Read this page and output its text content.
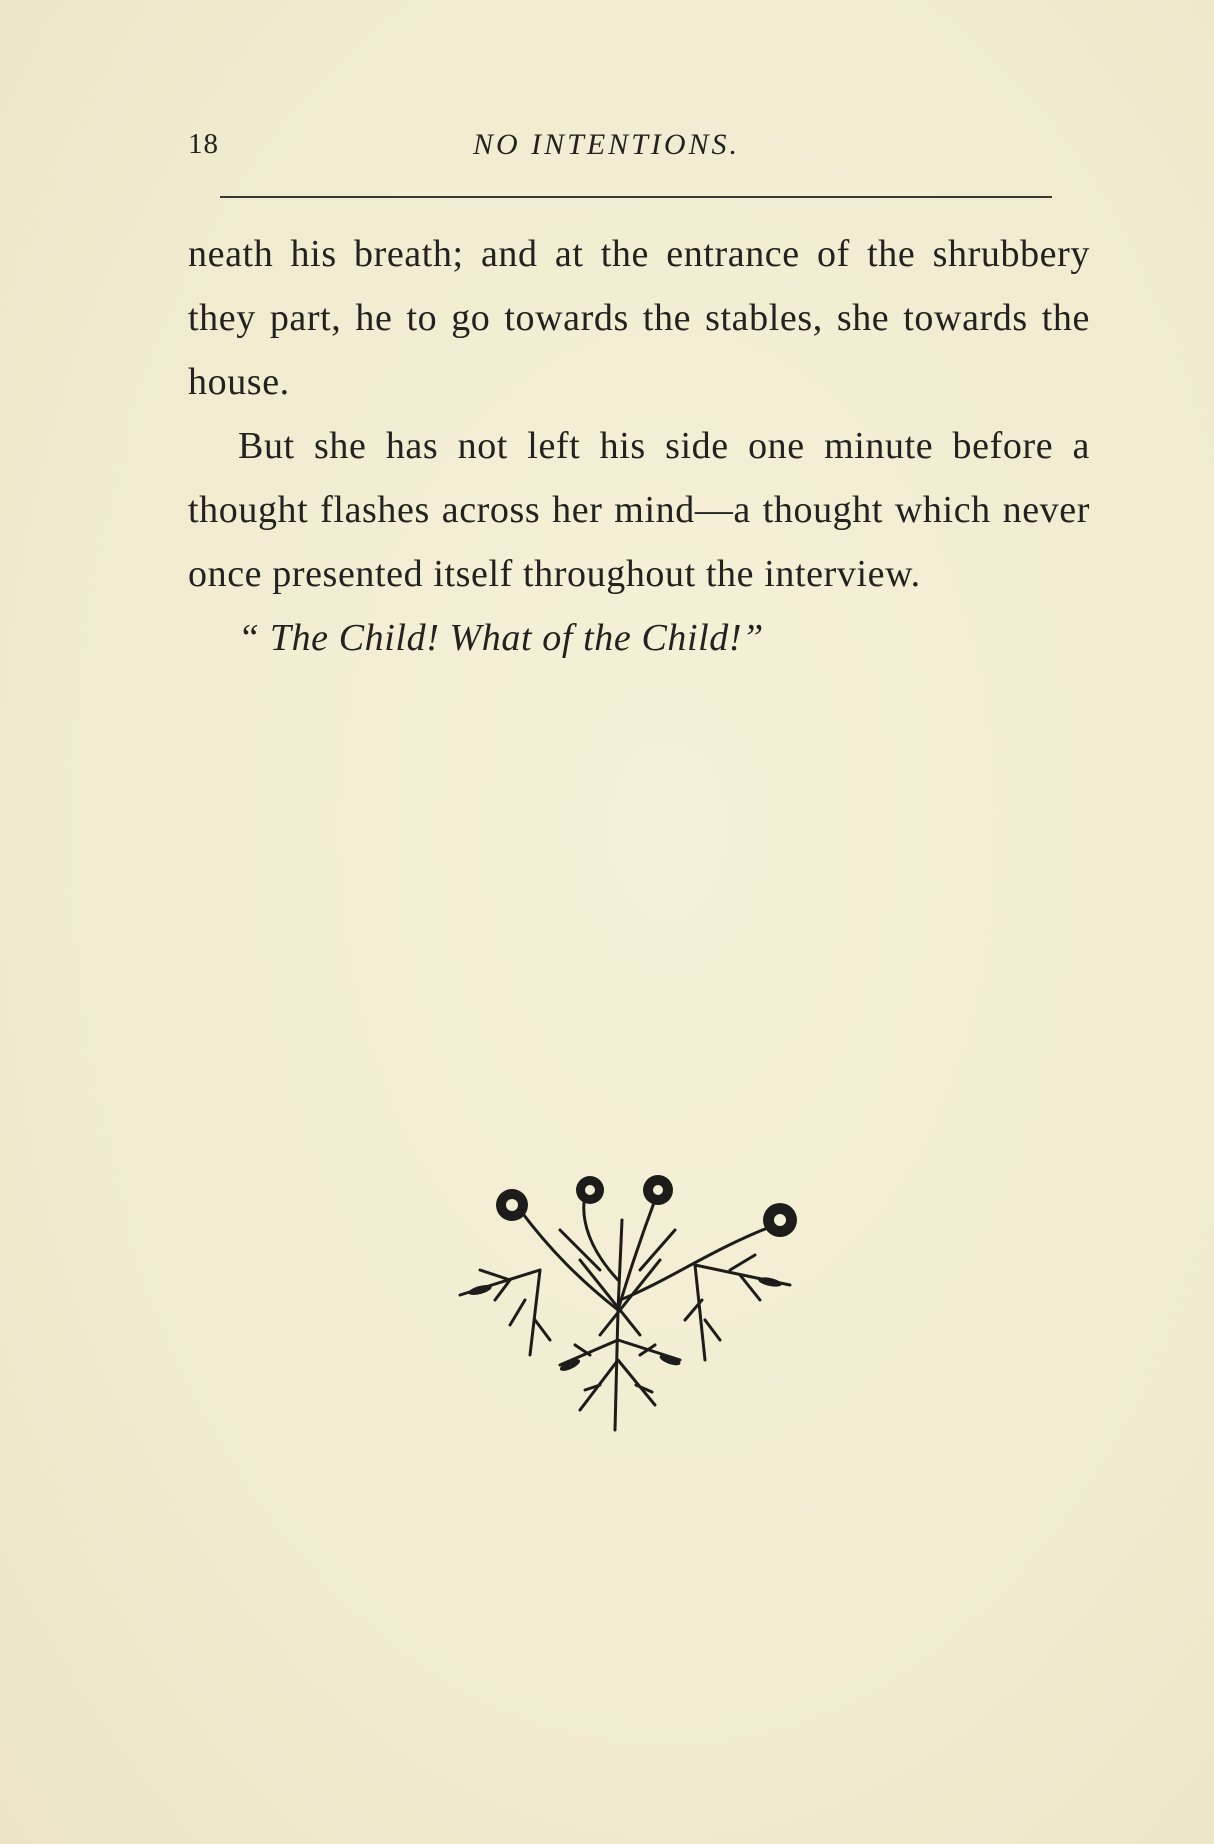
18	NO INTENTIONS.

neath his breath; and at the entrance of the shrubbery they part, he to go towards the stables, she towards the house.

But she has not left his side one minute before a thought flashes across her mind—a thought which never once presented itself throughout the interview.

“ The Child! What of the Child!”
